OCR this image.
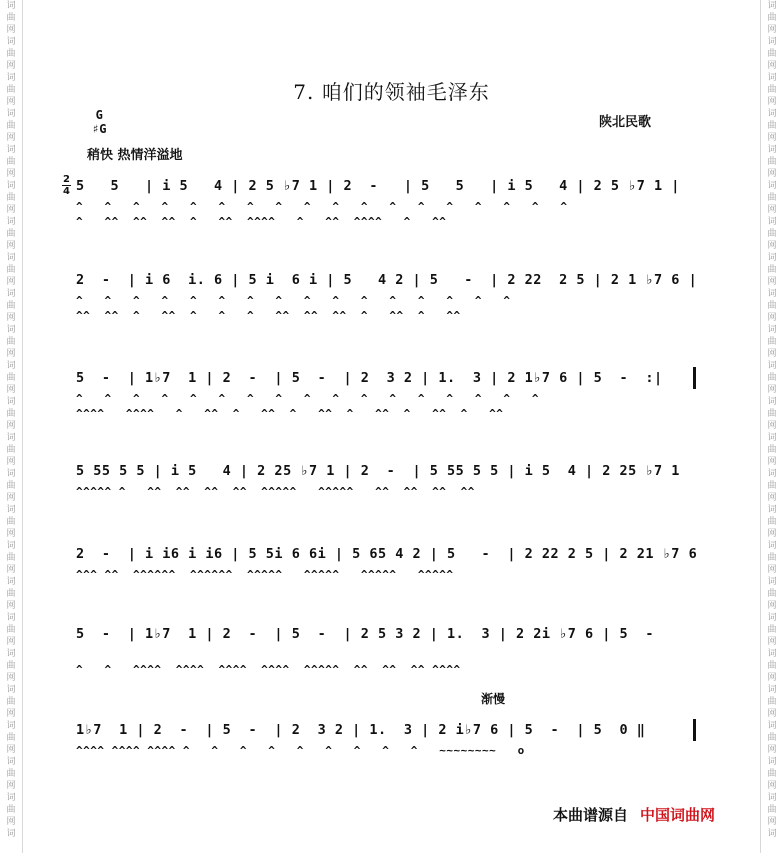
词
曲
网
词
曲
网
词
曲
网
词
曲
网
词
曲
网
词
曲
网
词
曲
网
词
曲
网
词
曲
网
词
曲
网
词
曲
网
词
曲
网
词
曲
网
词
曲
网
词
曲
网
词
曲
网
词
曲
网
词
曲
网
词
曲
网
词
曲
网
词
曲
网
词
曲
网
词
曲
网
词
词
曲
网
词
曲
网
词
曲
网
词
曲
网
词
曲
网
词
曲
网
词
曲
网
词
曲
网
词
曲
网
词
曲
网
词
曲
网
词
曲
网
词
曲
网
词
曲
网
词
曲
网
词
曲
网
词
曲
网
词
曲
网
词
曲
网
词
曲
网
词
曲
网
词
曲
网
词
曲
网
词
7. 咱们的领袖毛泽东
G
♯G	陕北民歌
稍快 热情洋溢地
渐慢
2
4 5   5   | i 5   4 | 2 5 ♭7 1 | 2  -   | 5   5   | i 5   4 | 2 5 ♭7 1 |
^   ^   ^   ^   ^   ^   ^   ^   ^   ^   ^   ^   ^   ^   ^   ^   ^   ^
^   ^^  ^^  ^^  ^   ^^  ^^^^   ^   ^^  ^^^^   ^   ^^
2  -  | i 6  i. 6 | 5 i  6 i | 5   4 2 | 5   -  | 2 22  2 5 | 2 1 ♭7 6 |
^   ^   ^   ^   ^   ^   ^   ^   ^   ^   ^   ^   ^   ^   ^   ^
^^  ^^  ^   ^^  ^   ^   ^   ^^  ^^  ^^  ^   ^^  ^   ^^
5  -  | 1♭7  1 | 2  -  | 5  -  | 2  3 2 | 1.  3 | 2 1♭7 6 | 5  -  :|
^   ^   ^   ^   ^   ^   ^   ^   ^   ^   ^   ^   ^   ^   ^   ^   ^
^^^^   ^^^^   ^   ^^  ^   ^^  ^   ^^  ^   ^^  ^   ^^  ^   ^^
5 55 5 5 | i 5   4 | 2 25 ♭7 1 | 2  -  | 5 55 5 5 | i 5  4 | 2 25 ♭7 1
^^^^^ ^   ^^  ^^  ^^  ^^  ^^^^^   ^^^^^   ^^  ^^  ^^  ^^
2  -  | i i6 i i6 | 5 5i 6 6i | 5 65 4 2 | 5   -  | 2 22 2 5 | 2 21 ♭7 6
^^^ ^^  ^^^^^^  ^^^^^^  ^^^^^   ^^^^^   ^^^^^   ^^^^^
5  -  | 1♭7  1 | 2  -  | 5  -  | 2 5 3 2 | 1.  3 | 2 2i ♭7 6 | 5  -
^   ^   ^^^^  ^^^^  ^^^^  ^^^^  ^^^^^  ^^  ^^  ^^ ^^^^
1♭7  1 | 2  -  | 5  -  | 2  3 2 | 1.  3 | 2 i♭7 6 | 5  -  | 5  0 ‖
^^^^ ^^^^ ^^^^ ^   ^   ^   ^   ^   ^   ^   ^   ^   ~~~~~~~~   o
本曲谱源自 中国词曲网
